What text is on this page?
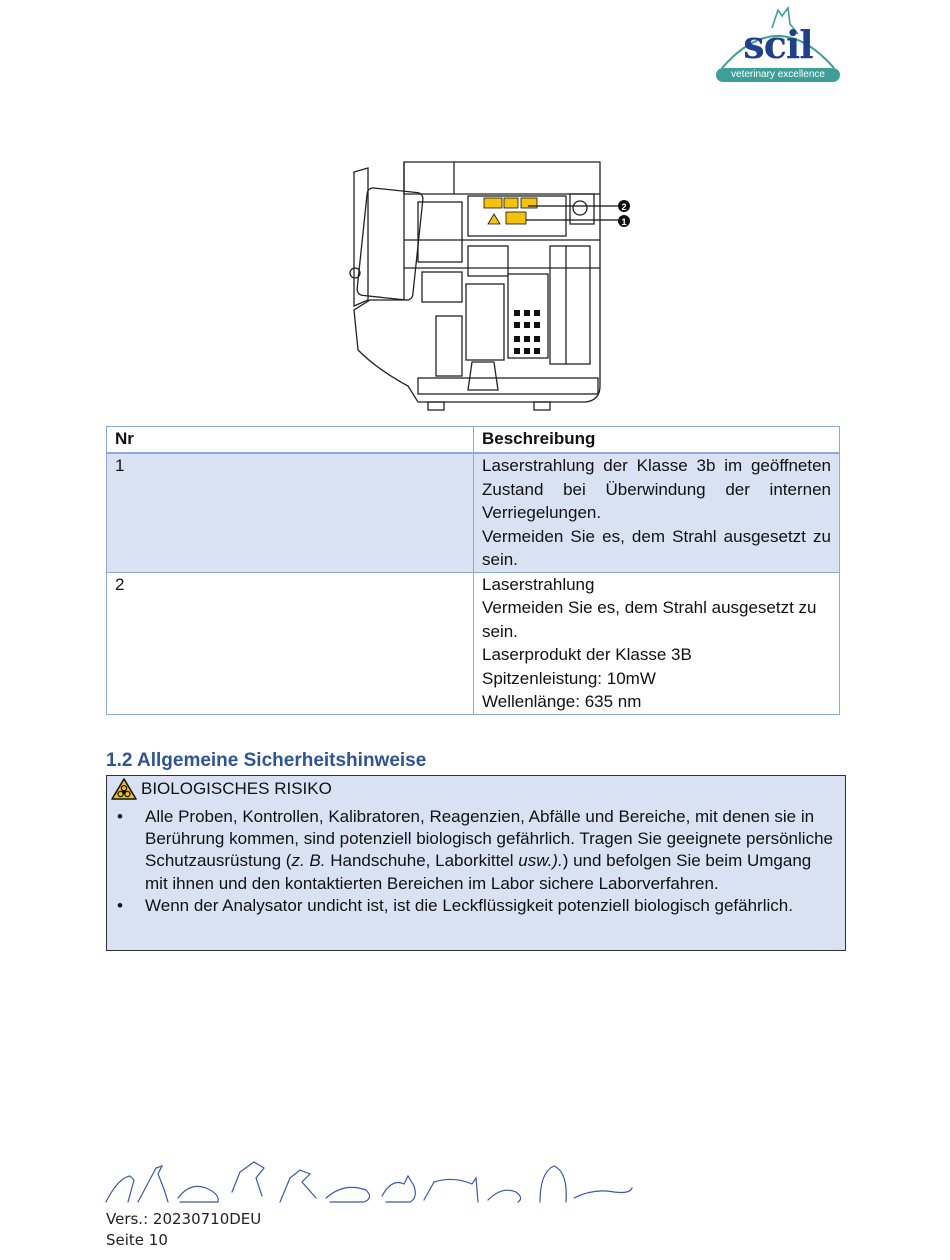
scil
veterinary excellence
2
1
Nr	Beschreibung
1	Laserstrahlung der Klasse 3b im geöffneten Zustand bei Überwindung der internen Verriegelungen.
Vermeiden Sie es, dem Strahl ausgesetzt zu sein.

2	Laserstrahlung
Vermeiden Sie es, dem Strahl ausgesetzt zu sein.
Laserprodukt der Klasse 3B
Spitzenleistung: 10mW
Wellenlänge: 635 nm
1.2 Allgemeine Sicherheitshinweise
BIOLOGISCHES RISIKO
• Alle Proben, Kontrollen, Kalibratoren, Reagenzien, Abfälle und Bereiche, mit denen sie in Berührung kommen, sind potenziell biologisch gefährlich. Tragen Sie geeignete persönliche Schutzausrüstung (z. B. Handschuhe, Laborkittel usw.).) und befolgen Sie beim Umgang mit ihnen und den kontaktierten Bereichen im Labor sichere Laborverfahren.
• Wenn der Analysator undicht ist, ist die Leckflüssigkeit potenziell biologisch gefährlich.
Vers.: 20230710DEU
Seite 10
